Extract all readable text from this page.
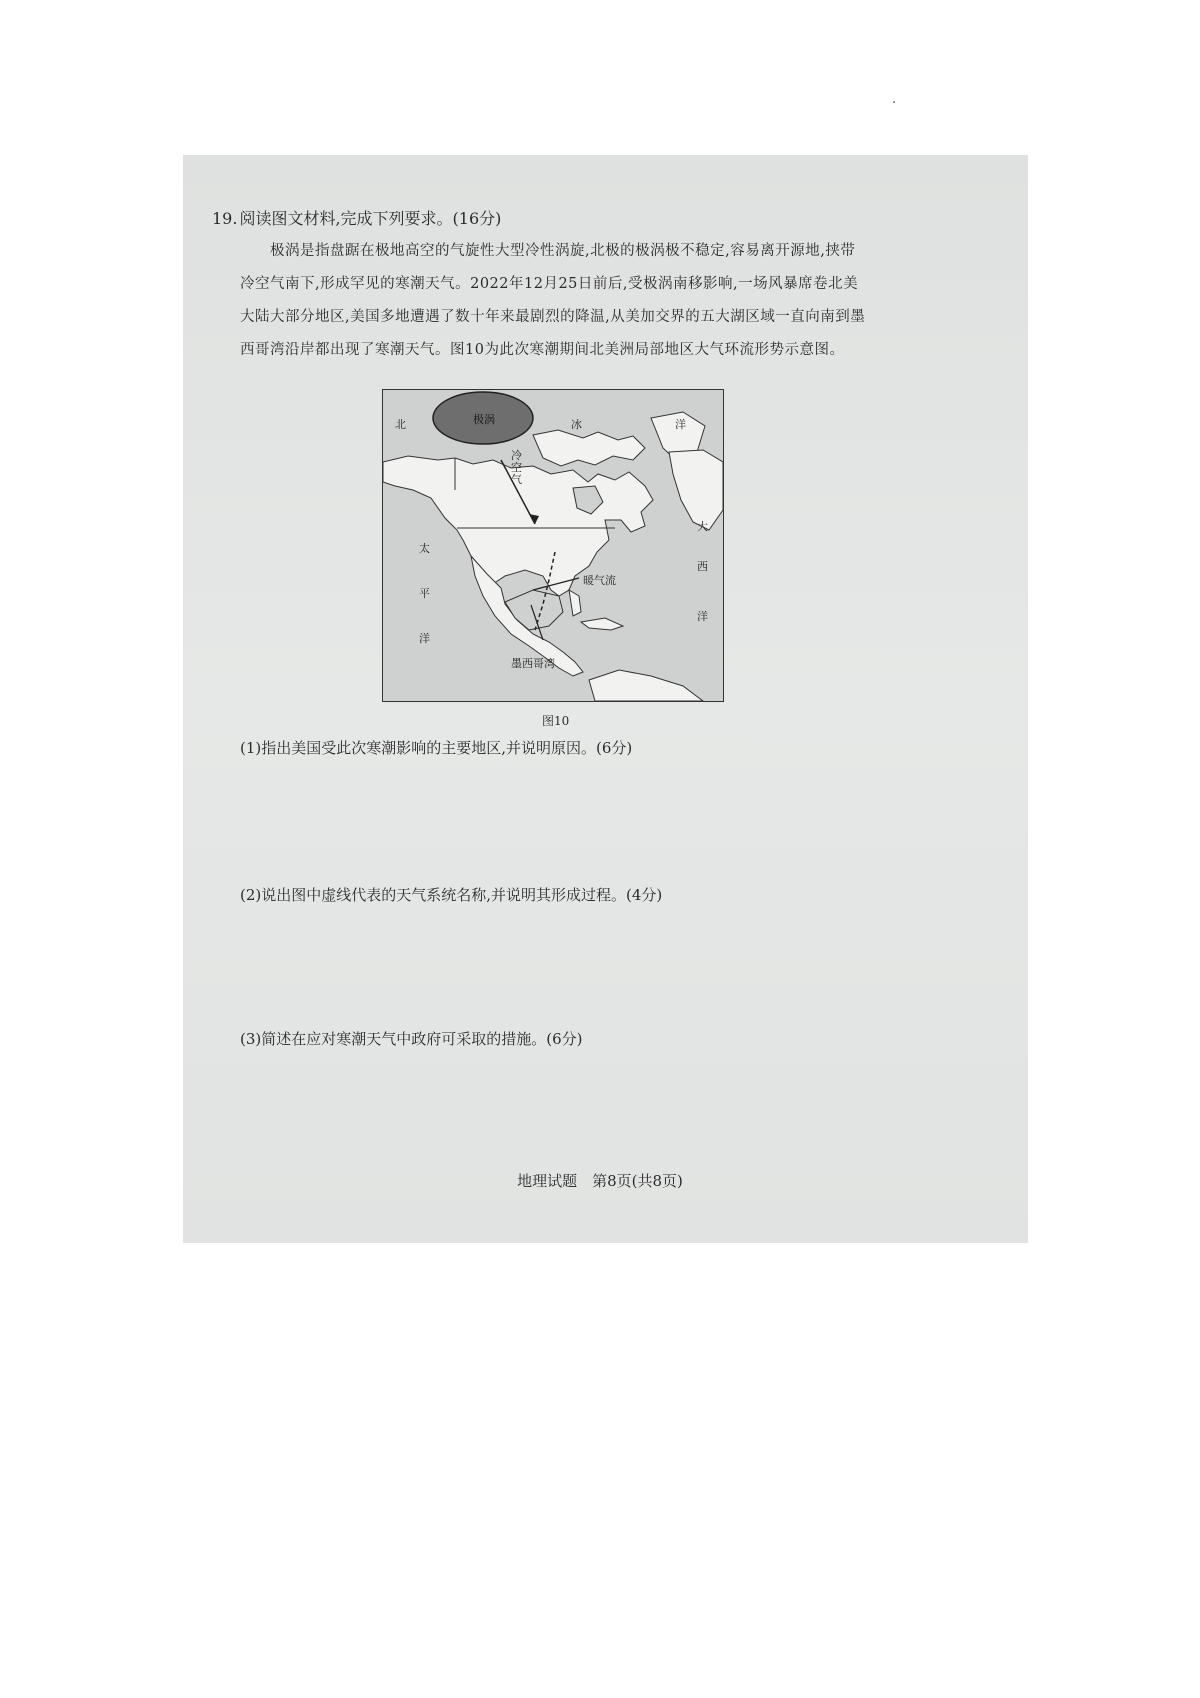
19. 阅读图文材料,完成下列要求。(16分)
极涡是指盘踞在极地高空的气旋性大型冷性涡旋,北极的极涡极不稳定,容易离开源地,挟带冷空气南下,形成罕见的寒潮天气。2022年12月25日前后,受极涡南移影响,一场风暴席卷北美大陆大部分地区,美国多地遭遇了数十年来最剧烈的降温,从美加交界的五大湖区域一直向南到墨西哥湾沿岸都出现了寒潮天气。图10为此次寒潮期间北美洲局部地区大气环流形势示意图。
极涡
北	冰	洋
冷空气
太
平
洋
大
西
洋
暖气流
墨西哥湾
图10
(1)指出美国受此次寒潮影响的主要地区,并说明原因。(6分)
(2)说出图中虚线代表的天气系统名称,并说明其形成过程。(4分)
(3)简述在应对寒潮天气中政府可采取的措施。(6分)
地理试题　第8页(共8页)
